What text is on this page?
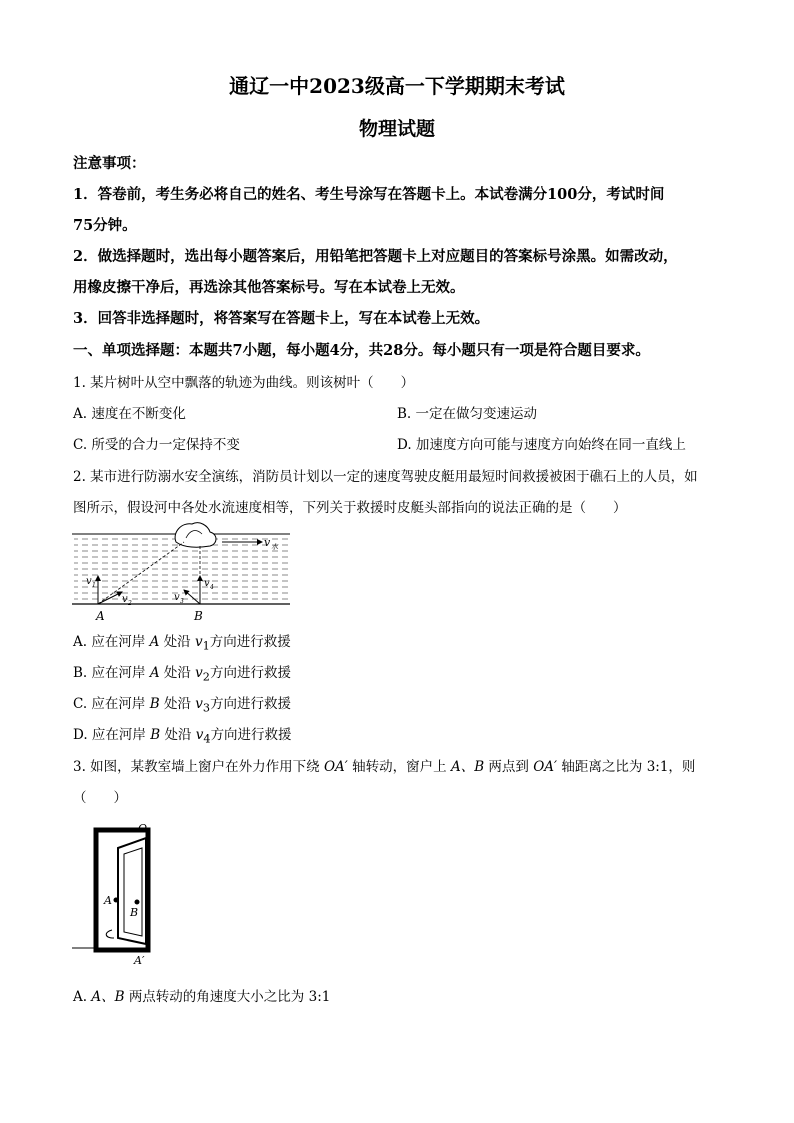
通辽一中2023级高一下学期期末考试
物理试题
注意事项：
1．答卷前，考生务必将自己的姓名、考生号涂写在答题卡上。本试卷满分100分，考试时间
75分钟。
2．做选择题时，选出每小题答案后，用铅笔把答题卡上对应题目的答案标号涂黑。如需改动，
用橡皮擦干净后，再选涂其他答案标号。写在本试卷上无效。
3．回答非选择题时，将答案写在答题卡上，写在本试卷上无效。
一、单项选择题：本题共7小题，每小题4分，共28分。每小题只有一项是符合题目要求。
1. 某片树叶从空中飘落的轨迹为曲线。则该树叶（　　）
A. 速度在不断变化	B. 一定在做匀变速运动
C. 所受的合力一定保持不变	D. 加速度方向可能与速度方向始终在同一直线上
2. 某市进行防溺水安全演练，消防员计划以一定的速度驾驶皮艇用最短时间救援被困于礁石上的人员，如
图所示，假设河中各处水流速度相等，下列关于救援时皮艇头部指向的说法正确的是（　　）
v 水
v 1
v 2
v 3
v 4
A	B
A. 应在河岸 A 处沿 $v_1$方向进行救援
B. 应在河岸 A 处沿 $v_2$方向进行救援
C. 应在河岸 B 处沿 $v_3$方向进行救援
D. 应在河岸 B 处沿 $v_4$方向进行救援
3. 如图，某教室墙上窗户在外力作用下绕 OA′ 轴转动，窗户上 A、B 两点到 OA′ 轴距离之比为 3:1，则
（　　）
O
A
B
A′
A. A、B 两点转动的角速度大小之比为 3:1
